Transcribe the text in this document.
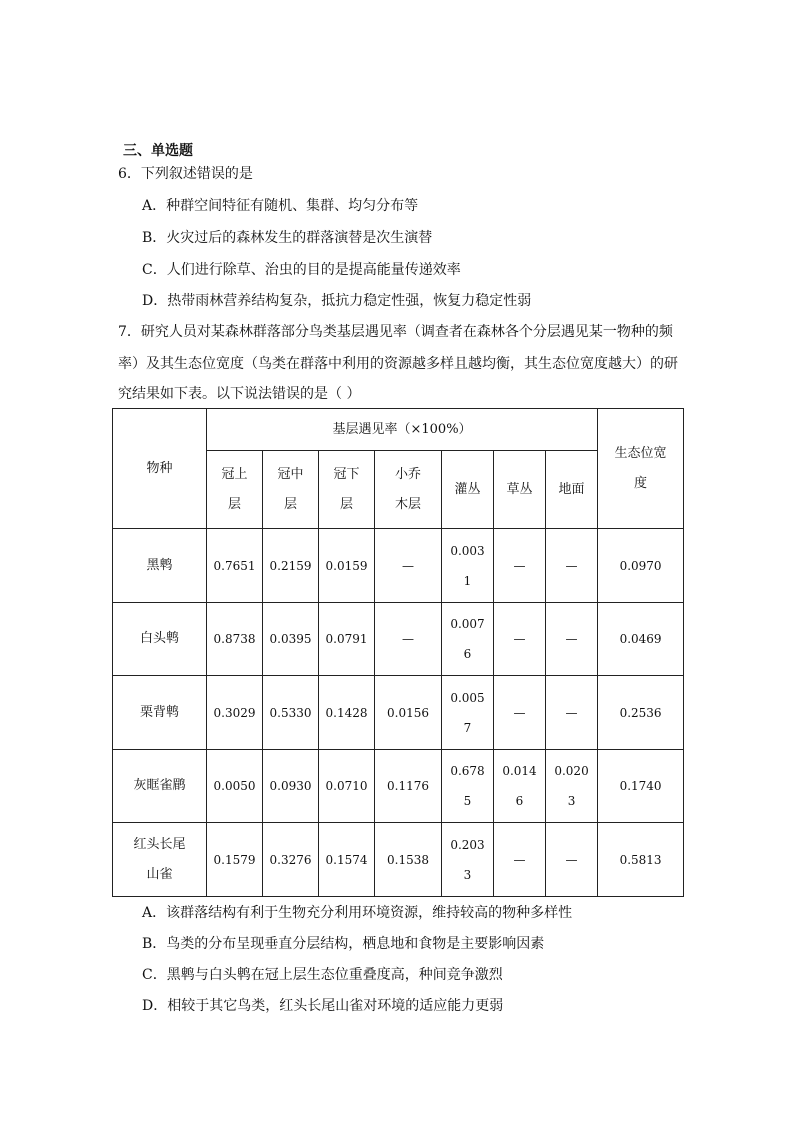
三、单选题
6．下列叙述错误的是
A．种群空间特征有随机、集群、均匀分布等
B．火灾过后的森林发生的群落演替是次生演替
C．人们进行除草、治虫的目的是提高能量传递效率
D．热带雨林营养结构复杂，抵抗力稳定性强，恢复力稳定性弱
7．研究人员对某森林群落部分鸟类基层遇见率（调查者在森林各个分层遇见某一物种的频
率）及其生态位宽度（鸟类在群落中利用的资源越多样且越均衡，其生态位宽度越大）的研
究结果如下表。以下说法错误的是（ ）
物种	基层遇见率（×100%）							生态位宽度
	冠上层	冠中层	冠下层	小乔木层	灌丛	草丛	地面	
黑鹎	0.7651	0.2159	0.0159	—	0.0031	—	—	0.0970
白头鹎	0.8738	0.0395	0.0791	—	0.0076	—	—	0.0469
栗背鹎	0.3029	0.5330	0.1428	0.0156	0.0057	—	—	0.2536
灰眶雀鹛	0.0050	0.0930	0.0710	0.1176	0.6785	0.0146	0.0203	0.1740
红头长尾山雀	0.1579	0.3276	0.1574	0.1538	0.2033	—	—	0.5813
A．该群落结构有利于生物充分利用环境资源，维持较高的物种多样性
B．鸟类的分布呈现垂直分层结构，栖息地和食物是主要影响因素
C．黑鹎与白头鹎在冠上层生态位重叠度高，种间竞争激烈
D．相较于其它鸟类，红头长尾山雀对环境的适应能力更弱
